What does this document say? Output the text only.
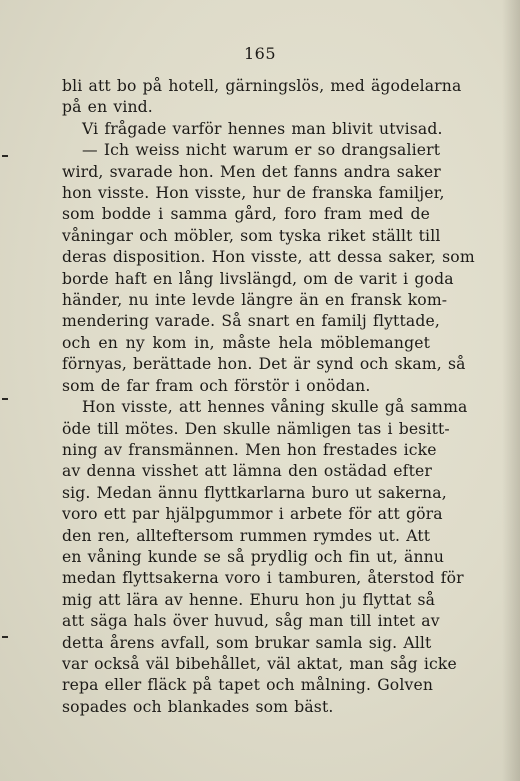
165
bli att bo på hotell, gärningslös, med ägodelarna
på en vind.
Vi frågade varför hennes man blivit utvisad.
— Ich weiss nicht warum er so drangsaliert
wird, svarade hon. Men det fanns andra saker
hon visste. Hon visste, hur de franska familjer,
som bodde i samma gård, foro fram med de
våningar och möbler, som tyska riket ställt till
deras disposition. Hon visste, att dessa saker, som
borde haft en lång livslängd, om de varit i goda
händer, nu inte levde längre än en fransk kom-
mendering varade. Så snart en familj flyttade,
och en ny kom in, måste hela möblemanget
förnyas, berättade hon. Det är synd och skam, så
som de far fram och förstör i onödan.
Hon visste, att hennes våning skulle gå samma
öde till mötes. Den skulle nämligen tas i besitt-
ning av fransmännen. Men hon frestades icke
av denna visshet att lämna den ostädad efter
sig. Medan ännu flyttkarlarna buro ut sakerna,
voro ett par hjälpgummor i arbete för att göra
den ren, allteftersom rummen rymdes ut. Att
en våning kunde se så prydlig och fin ut, ännu
medan flyttsakerna voro i tamburen, återstod för
mig att lära av henne. Ehuru hon ju flyttat så
att säga hals över huvud, såg man till intet av
detta årens avfall, som brukar samla sig. Allt
var också väl bibehållet, väl aktat, man såg icke
repa eller fläck på tapet och målning. Golven
sopades och blankades som bäst.
